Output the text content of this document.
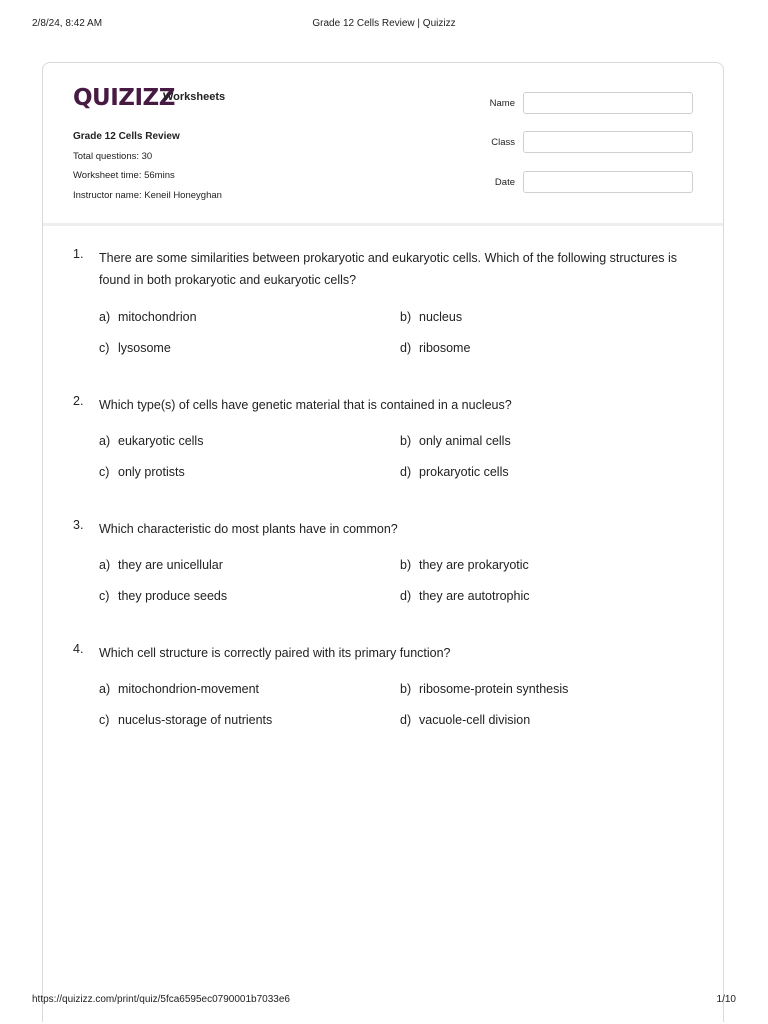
2/8/24, 8:42 AM	Grade 12 Cells Review | Quizizz
QUIZIZZ
Worksheets
Grade 12 Cells Review
Total questions: 30
Worksheet time: 56mins
Instructor name: Keneil Honeyghan
Name
Class
Date
1. There are some similarities between prokaryotic and eukaryotic cells. Which of the following structures is found in both prokaryotic and eukaryotic cells?
a) mitochondrion	b) nucleus
c) lysosome	d) ribosome
2. Which type(s) of cells have genetic material that is contained in a nucleus?
a) eukaryotic cells	b) only animal cells
c) only protists	d) prokaryotic cells
3. Which characteristic do most plants have in common?
a) they are unicellular	b) they are prokaryotic
c) they produce seeds	d) they are autotrophic
4. Which cell structure is correctly paired with its primary function?
a) mitochondrion-movement	b) ribosome-protein synthesis
c) nucelus-storage of nutrients	d) vacuole-cell division
https://quizizz.com/print/quiz/5fca6595ec0790001b7033e6	1/10
